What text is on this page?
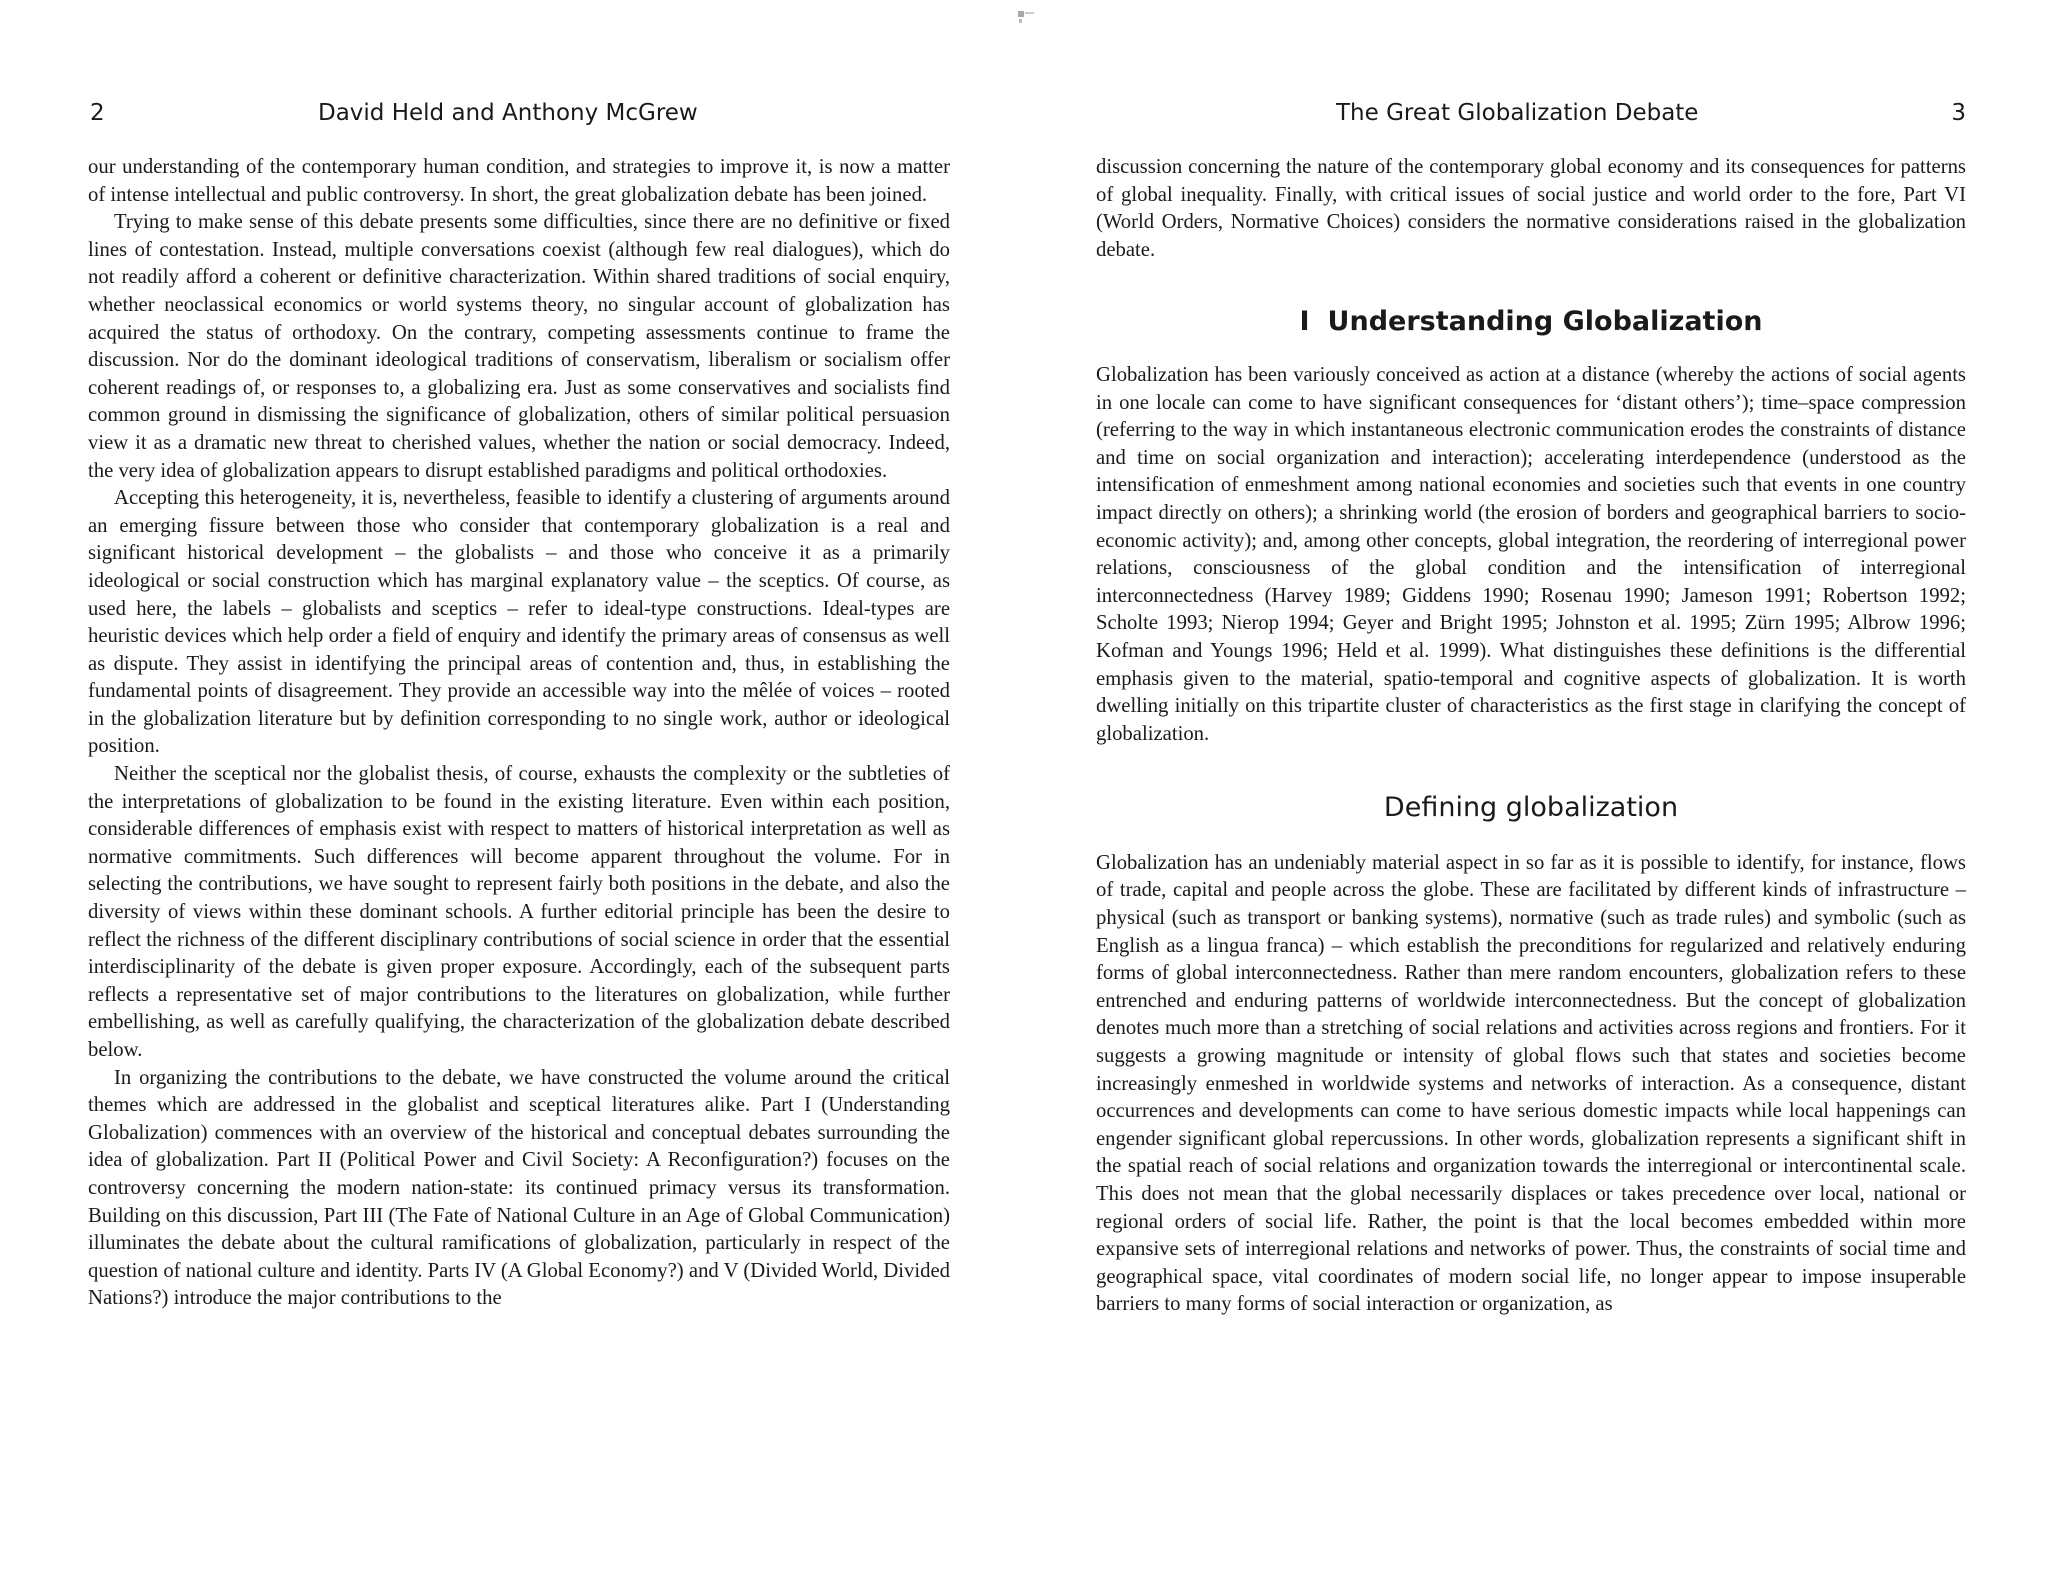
2	David Held and Anthony McGrew

our understanding of the contemporary human condition, and strategies to improve it, is now a matter of intense intellectual and public controversy. In short, the great globalization debate has been joined.

Trying to make sense of this debate presents some difficulties, since there are no definitive or fixed lines of contestation. Instead, multiple conversations coexist (although few real dialogues), which do not readily afford a coherent or definitive characterization. Within shared traditions of social enquiry, whether neoclassical economics or world systems theory, no singular account of globalization has acquired the status of orthodoxy. On the contrary, competing assessments continue to frame the discussion. Nor do the dominant ideological traditions of conservatism, liberalism or socialism offer coherent readings of, or responses to, a globalizing era. Just as some conservatives and socialists find common ground in dismissing the significance of globalization, others of similar political persuasion view it as a dramatic new threat to cherished values, whether the nation or social democracy. Indeed, the very idea of globalization appears to disrupt established paradigms and political orthodoxies.

Accepting this heterogeneity, it is, nevertheless, feasible to identify a clustering of arguments around an emerging fissure between those who consider that contemporary globalization is a real and significant historical development – the globalists – and those who conceive it as a primarily ideological or social construction which has marginal explanatory value – the sceptics. Of course, as used here, the labels – globalists and sceptics – refer to ideal-type constructions. Ideal-types are heuristic devices which help order a field of enquiry and identify the primary areas of consensus as well as dispute. They assist in identifying the principal areas of contention and, thus, in establishing the fundamental points of disagreement. They provide an accessible way into the mêlée of voices – rooted in the globalization literature but by definition corresponding to no single work, author or ideological position.

Neither the sceptical nor the globalist thesis, of course, exhausts the complexity or the subtleties of the interpretations of globalization to be found in the existing literature. Even within each position, considerable differences of emphasis exist with respect to matters of historical interpretation as well as normative commitments. Such differences will become apparent throughout the volume. For in selecting the contributions, we have sought to represent fairly both positions in the debate, and also the diversity of views within these dominant schools. A further editorial principle has been the desire to reflect the richness of the different disciplinary contributions of social science in order that the essential interdisciplinarity of the debate is given proper exposure. Accordingly, each of the subsequent parts reflects a representative set of major contributions to the literatures on globalization, while further embellishing, as well as carefully qualifying, the characterization of the globalization debate described below.

In organizing the contributions to the debate, we have constructed the volume around the critical themes which are addressed in the globalist and sceptical literatures alike. Part I (Understanding Globalization) commences with an overview of the historical and conceptual debates surrounding the idea of globalization. Part II (Political Power and Civil Society: A Reconfiguration?) focuses on the controversy concerning the modern nation-state: its continued primacy versus its transformation. Building on this discussion, Part III (The Fate of National Culture in an Age of Global Communication) illuminates the debate about the cultural ramifications of globalization, particularly in respect of the question of national culture and identity. Parts IV (A Global Economy?) and V (Divided World, Divided Nations?) introduce the major contributions to the

The Great Globalization Debate	3

discussion concerning the nature of the contemporary global economy and its consequences for patterns of global inequality. Finally, with critical issues of social justice and world order to the fore, Part VI (World Orders, Normative Choices) considers the normative considerations raised in the globalization debate.

I Understanding Globalization

Globalization has been variously conceived as action at a distance (whereby the actions of social agents in one locale can come to have significant consequences for ‘distant others’); time–space compression (referring to the way in which instantaneous electronic communication erodes the constraints of distance and time on social organization and interaction); accelerating interdependence (understood as the intensification of enmeshment among national economies and societies such that events in one country impact directly on others); a shrinking world (the erosion of borders and geographical barriers to socio-economic activity); and, among other concepts, global integration, the reordering of interregional power relations, consciousness of the global condition and the intensification of interregional interconnectedness (Harvey 1989; Giddens 1990; Rosenau 1990; Jameson 1991; Robertson 1992; Scholte 1993; Nierop 1994; Geyer and Bright 1995; Johnston et al. 1995; Zürn 1995; Albrow 1996; Kofman and Youngs 1996; Held et al. 1999). What distinguishes these definitions is the differential emphasis given to the material, spatio-temporal and cognitive aspects of globalization. It is worth dwelling initially on this tripartite cluster of characteristics as the first stage in clarifying the concept of globalization.

Defining globalization

Globalization has an undeniably material aspect in so far as it is possible to identify, for instance, flows of trade, capital and people across the globe. These are facilitated by different kinds of infrastructure – physical (such as transport or banking systems), normative (such as trade rules) and symbolic (such as English as a lingua franca) – which establish the preconditions for regularized and relatively enduring forms of global interconnectedness. Rather than mere random encounters, globalization refers to these entrenched and enduring patterns of worldwide interconnectedness. But the concept of globalization denotes much more than a stretching of social relations and activities across regions and frontiers. For it suggests a growing magnitude or intensity of global flows such that states and societies become increasingly enmeshed in worldwide systems and networks of interaction. As a consequence, distant occurrences and developments can come to have serious domestic impacts while local happenings can engender significant global repercussions. In other words, globalization represents a significant shift in the spatial reach of social relations and organization towards the interregional or intercontinental scale. This does not mean that the global necessarily displaces or takes precedence over local, national or regional orders of social life. Rather, the point is that the local becomes embedded within more expansive sets of interregional relations and networks of power. Thus, the constraints of social time and geographical space, vital coordinates of modern social life, no longer appear to impose insuperable barriers to many forms of social interaction or organization, as
